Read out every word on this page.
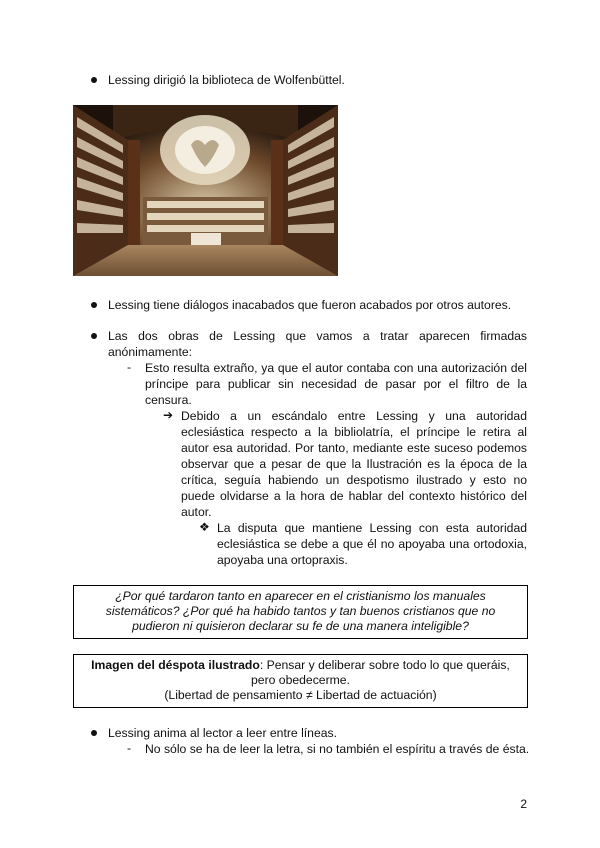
Lessing dirigió la biblioteca de Wolfenbüttel.

Lessing tiene diálogos inacabados que fueron acabados por otros autores.

Las dos obras de Lessing que vamos a tratar aparecen firmadas anónimamente:

- Esto resulta extraño, ya que el autor contaba con una autorización del príncipe para publicar sin necesidad de pasar por el filtro de la censura.

➔ Debido a un escándalo entre Lessing y una autoridad eclesiástica respecto a la bibliolatría, el príncipe le retira al autor esa autoridad. Por tanto, mediante este suceso podemos observar que a pesar de que la Ilustración es la época de la crítica, seguía habiendo un despotismo ilustrado y esto no puede olvidarse a la hora de hablar del contexto histórico del autor.

❖ La disputa que mantiene Lessing con esta autoridad eclesiástica se debe a que él no apoyaba una ortodoxia, apoyaba una ortopraxis.

¿Por qué tardaron tanto en aparecer en el cristianismo los manuales sistemáticos? ¿Por qué ha habido tantos y tan buenos cristianos que no pudieron ni quisieron declarar su fe de una manera inteligible?
Imagen del déspota ilustrado: Pensar y deliberar sobre todo lo que queráis, pero obedecerme.
(Libertad de pensamiento ≠ Libertad de actuación)

Lessing anima al lector a leer entre líneas.

- No sólo se ha de leer la letra, si no también el espíritu a través de ésta.

2
